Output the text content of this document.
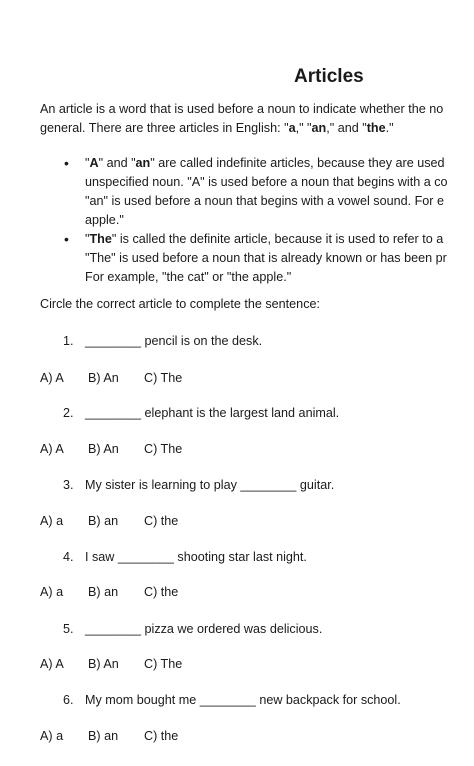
Articles
An article is a word that is used before a noun to indicate whether the no
general. There are three articles in English: "a," "an," and "the."
• "A" and "an" are called indefinite articles, because they are used
unspecified noun. "A" is used before a noun that begins with a co
"an" is used before a noun that begins with a vowel sound. For e
apple."
• "The" is called the definite article, because it is used to refer to a
"The" is used before a noun that is already known or has been pr
For example, "the cat" or "the apple."
Circle the correct article to complete the sentence:
1. ________ pencil is on the desk.
A) A B) An C) The
2. ________ elephant is the largest land animal.
A) A B) An C) The
3. My sister is learning to play ________ guitar.
A) a B) an C) the
4. I saw ________ shooting star last night.
A) a B) an C) the
5. ________ pizza we ordered was delicious.
A) A B) An C) The
6. My mom bought me ________ new backpack for school.
A) a B) an C) the
